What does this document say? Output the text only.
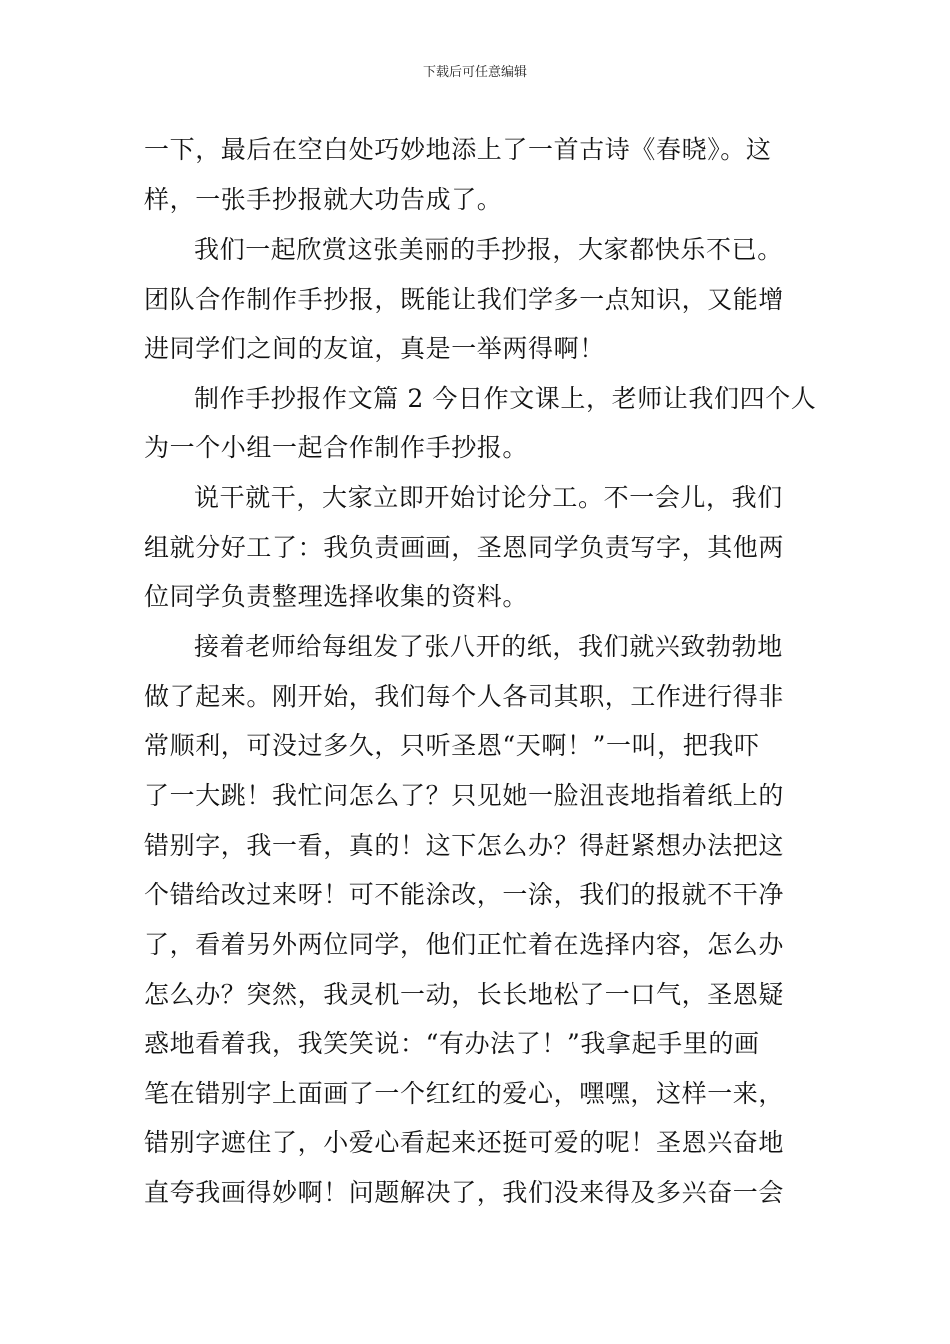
下载后可任意编辑
一下，最后在空白处巧妙地添上了一首古诗《春晓》。这
样，一张手抄报就大功告成了。
我们一起欣赏这张美丽的手抄报，大家都快乐不已。
团队合作制作手抄报，既能让我们学多一点知识，又能增
进同学们之间的友谊，真是一举两得啊！
制作手抄报作文篇 2 今日作文课上，老师让我们四个人
为一个小组一起合作制作手抄报。
说干就干，大家立即开始讨论分工。不一会儿，我们
组就分好工了：我负责画画，圣恩同学负责写字，其他两
位同学负责整理选择收集的资料。
接着老师给每组发了张八开的纸，我们就兴致勃勃地
做了起来。刚开始，我们每个人各司其职，工作进行得非
常顺利，可没过多久，只听圣恩“天啊！”一叫，把我吓
了一大跳！我忙问怎么了？只见她一脸沮丧地指着纸上的
错别字，我一看，真的！这下怎么办？得赶紧想办法把这
个错给改过来呀！可不能涂改，一涂，我们的报就不干净
了，看着另外两位同学，他们正忙着在选择内容，怎么办
怎么办？突然，我灵机一动，长长地松了一口气，圣恩疑
惑地看着我，我笑笑说：“有办法了！”我拿起手里的画
笔在错别字上面画了一个红红的爱心，嘿嘿，这样一来，
错别字遮住了，小爱心看起来还挺可爱的呢！圣恩兴奋地
直夸我画得妙啊！问题解决了，我们没来得及多兴奋一会
